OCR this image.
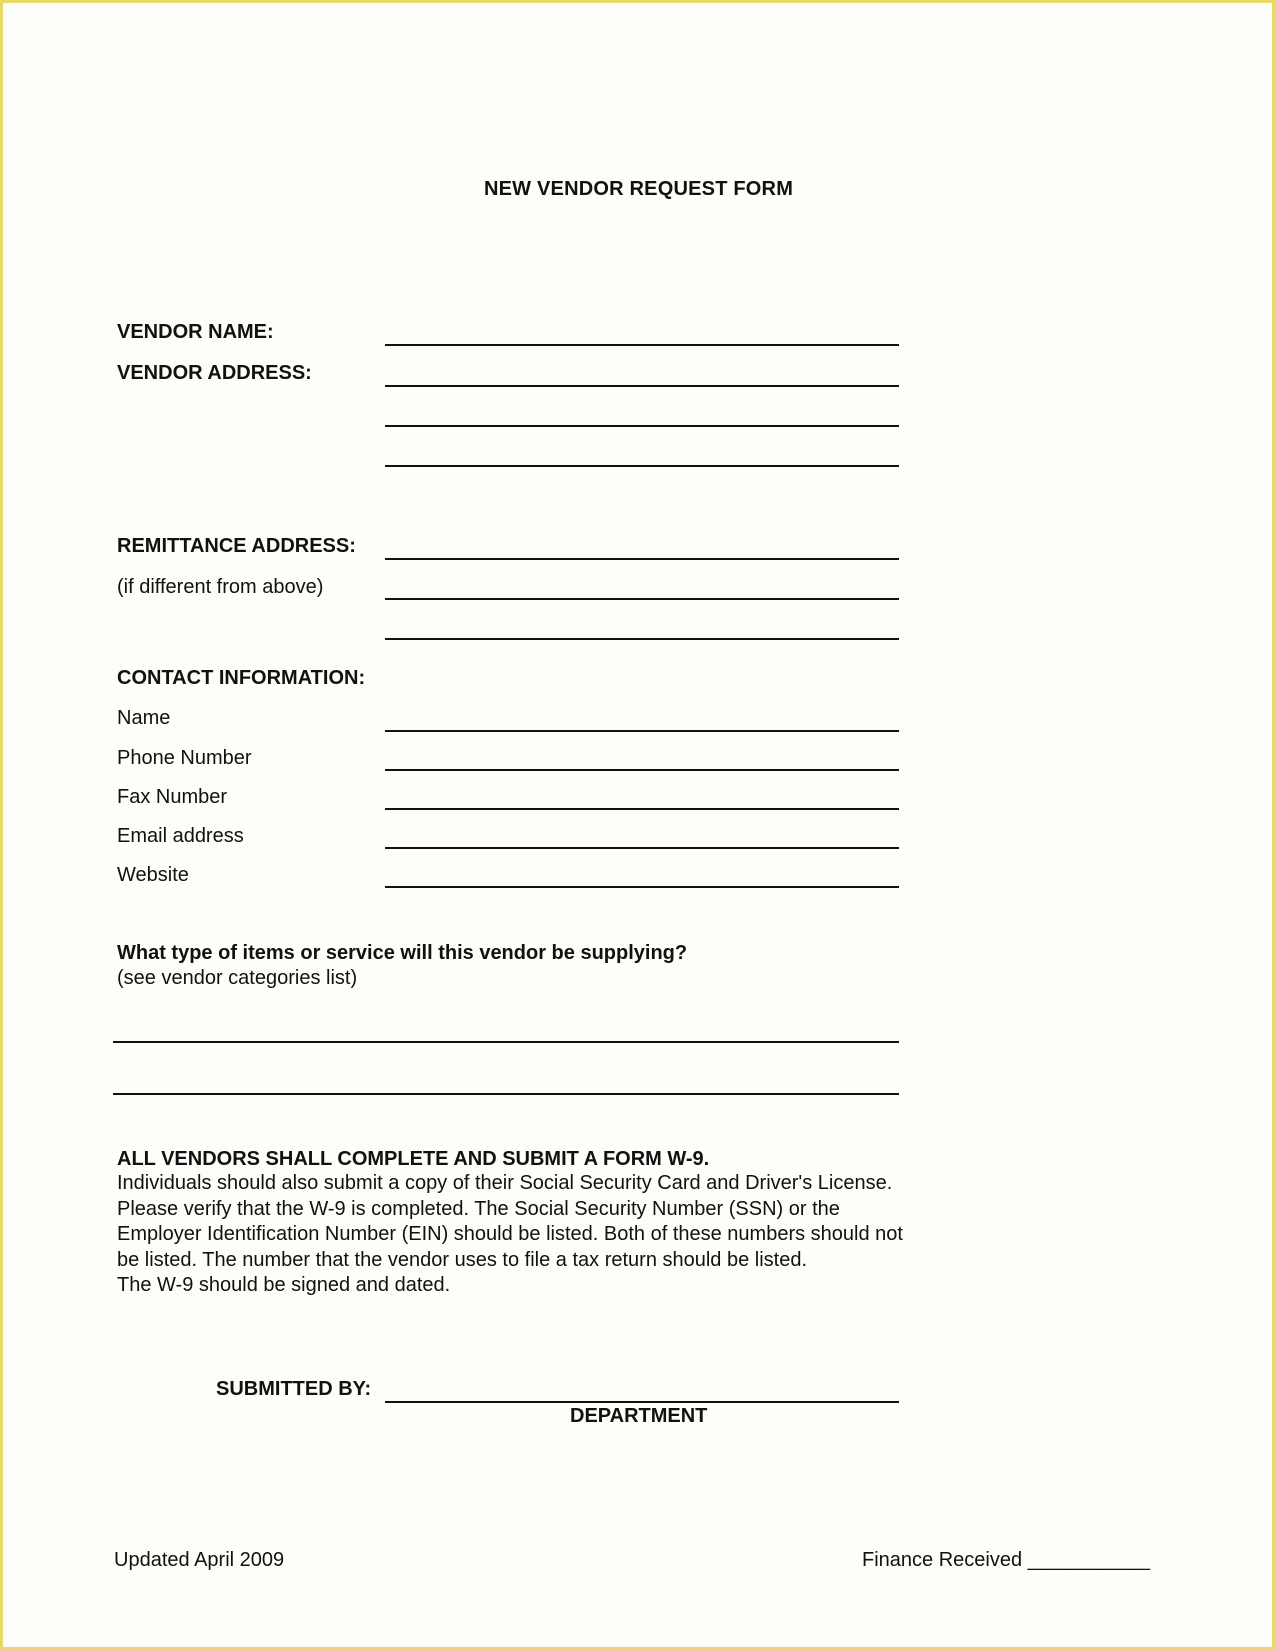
NEW VENDOR REQUEST FORM
VENDOR NAME:
VENDOR ADDRESS:
REMITTANCE ADDRESS:
(if different from above)
CONTACT INFORMATION:
Name
Phone Number
Fax Number
Email address
Website
What type of items or service will this vendor be supplying?
(see vendor categories list)
ALL VENDORS SHALL COMPLETE AND SUBMIT A FORM W-9.
Individuals should also submit a copy of their Social Security Card and Driver's License.
Please verify that the W-9 is completed. The Social Security Number (SSN) or the
Employer Identification Number (EIN) should be listed. Both of these numbers should not
be listed. The number that the vendor uses to file a tax return should be listed.
The W-9 should be signed and dated.
SUBMITTED BY:
DEPARTMENT
Updated April 2009	Finance Received ___________
